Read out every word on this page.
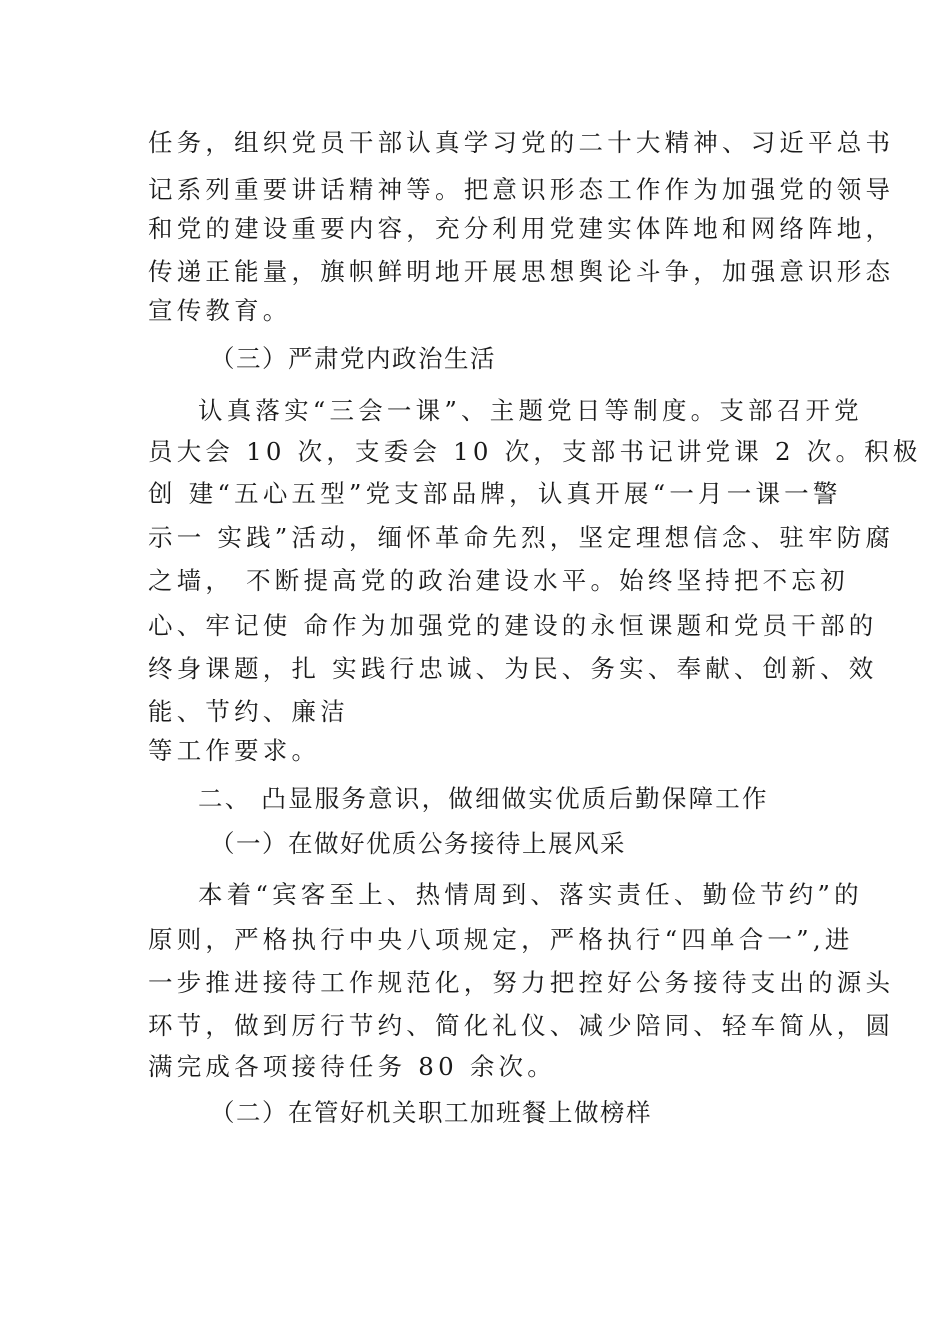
任务，组织党员干部认真学习党的二十大精神、习近平总书
记系列重要讲话精神等。把意识形态工作作为加强党的领导
和党的建设重要内容，充分利用党建实体阵地和网络阵地，
传递正能量，旗帜鲜明地开展思想舆论斗争，加强意识形态
宣传教育。
（三）严肃党内政治生活
认真落实“三会一课”、主题党日等制度。支部召开党
员大会 10 次，支委会 10 次，支部书记讲党课 2 次。积极
创 建“五心五型”党支部品牌，认真开展“一月一课一警
示一 实践”活动，缅怀革命先烈，坚定理想信念、驻牢防腐
之墙， 不断提高党的政治建设水平。始终坚持把不忘初
心、牢记使 命作为加强党的建设的永恒课题和党员干部的
终身课题，扎 实践行忠诚、为民、务实、奉献、创新、效
能、节约、廉洁
等工作要求。
二、 凸显服务意识，做细做实优质后勤保障工作
（一）在做好优质公务接待上展风采
本着“宾客至上、热情周到、落实责任、勤俭节约”的
原则，严格执行中央八项规定，严格执行“四单合一”,进
一步推进接待工作规范化，努力把控好公务接待支出的源头
环节，做到厉行节约、简化礼仪、减少陪同、轻车简从，圆
满完成各项接待任务 80 余次。
（二）在管好机关职工加班餐上做榜样
